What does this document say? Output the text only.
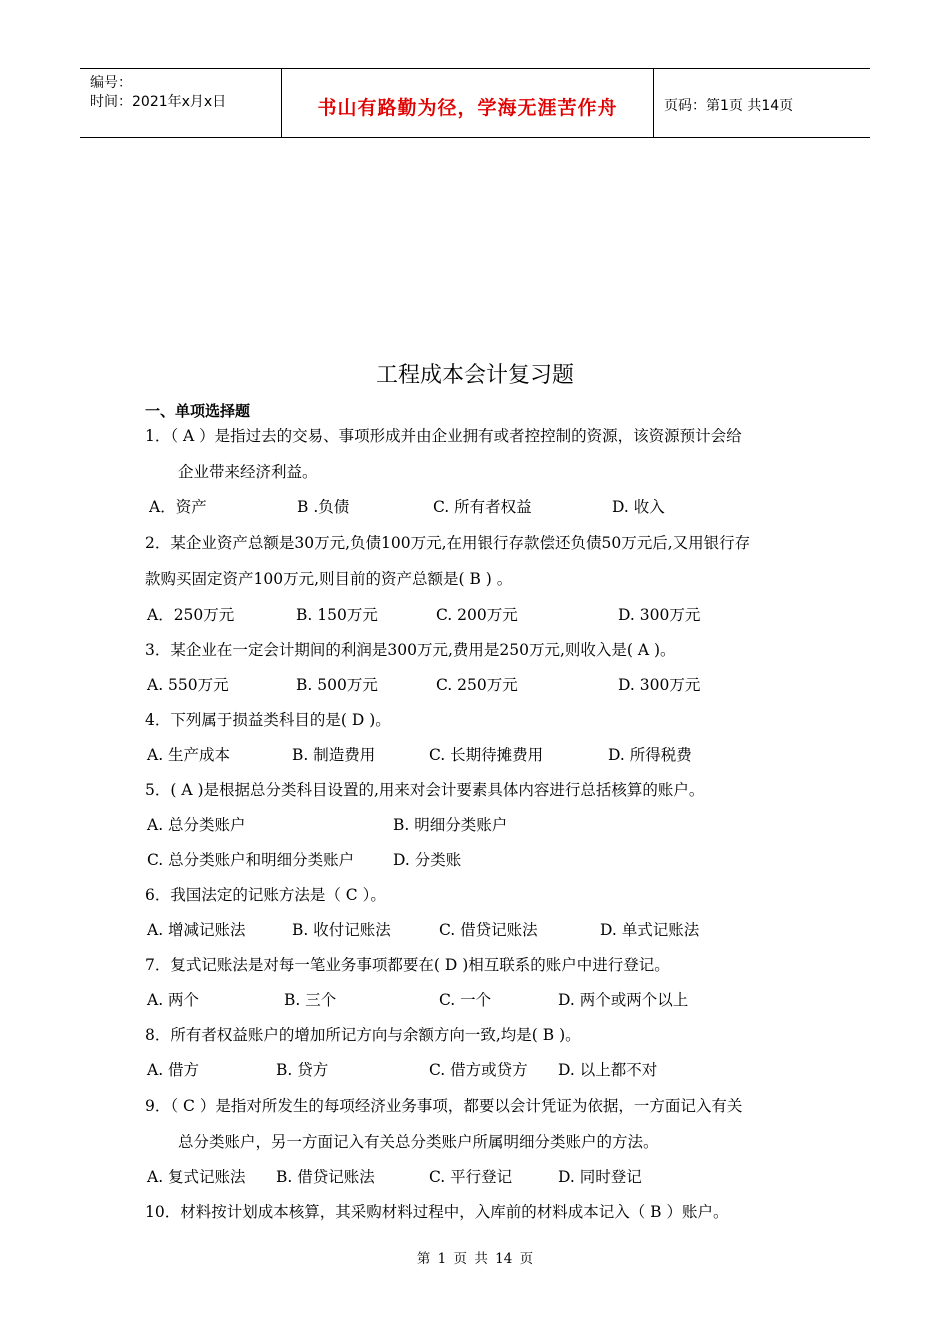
编号：
时间：2021年x月x日	书山有路勤为径，学海无涯苦作舟	页码：第1页 共14页
工程成本会计复习题
一、单项选择题
1．（ A ）是指过去的交易、事项形成并由企业拥有或者控控制的资源，该资源预计会给
企业带来经济利益。
A．资产	B .负债	C. 所有者权益	D. 收入
2．某企业资产总额是30万元,负债100万元,在用银行存款偿还负债50万元后,又用银行存
款购买固定资产100万元,则目前的资产总额是( B ) 。
A．250万元	B. 150万元	C. 200万元	D. 300万元
3．某企业在一定会计期间的利润是300万元,费用是250万元,则收入是( A )。
A. 550万元	B. 500万元	C. 250万元	D. 300万元
4．下列属于损益类科目的是( D )。
A. 生产成本	B. 制造费用	C. 长期待摊费用	D. 所得税费
5．( A )是根据总分类科目设置的,用来对会计要素具体内容进行总括核算的账户。
A. 总分类账户	B. 明细分类账户
C. 总分类账户和明细分类账户	D. 分类账
6．我国法定的记账方法是（ C ）。
A. 增减记账法	B. 收付记账法	C. 借贷记账法	D. 单式记账法
7．复式记账法是对每一笔业务事项都要在( D )相互联系的账户中进行登记。
A. 两个	B. 三个	C. 一个	D. 两个或两个以上
8．所有者权益账户的增加所记方向与余额方向一致,均是( B )。
A. 借方	B. 贷方	C. 借方或贷方 D. 以上都不对
9．（ C ）是指对所发生的每项经济业务事项，都要以会计凭证为依据，一方面记入有关
总分类账户，另一方面记入有关总分类账户所属明细分类账户的方法。
A. 复式记账法 B. 借贷记账法	C. 平行登记	D. 同时登记
10．材料按计划成本核算，其采购材料过程中，入库前的材料成本记入（ B ）账户。
第 1 页 共 14 页
